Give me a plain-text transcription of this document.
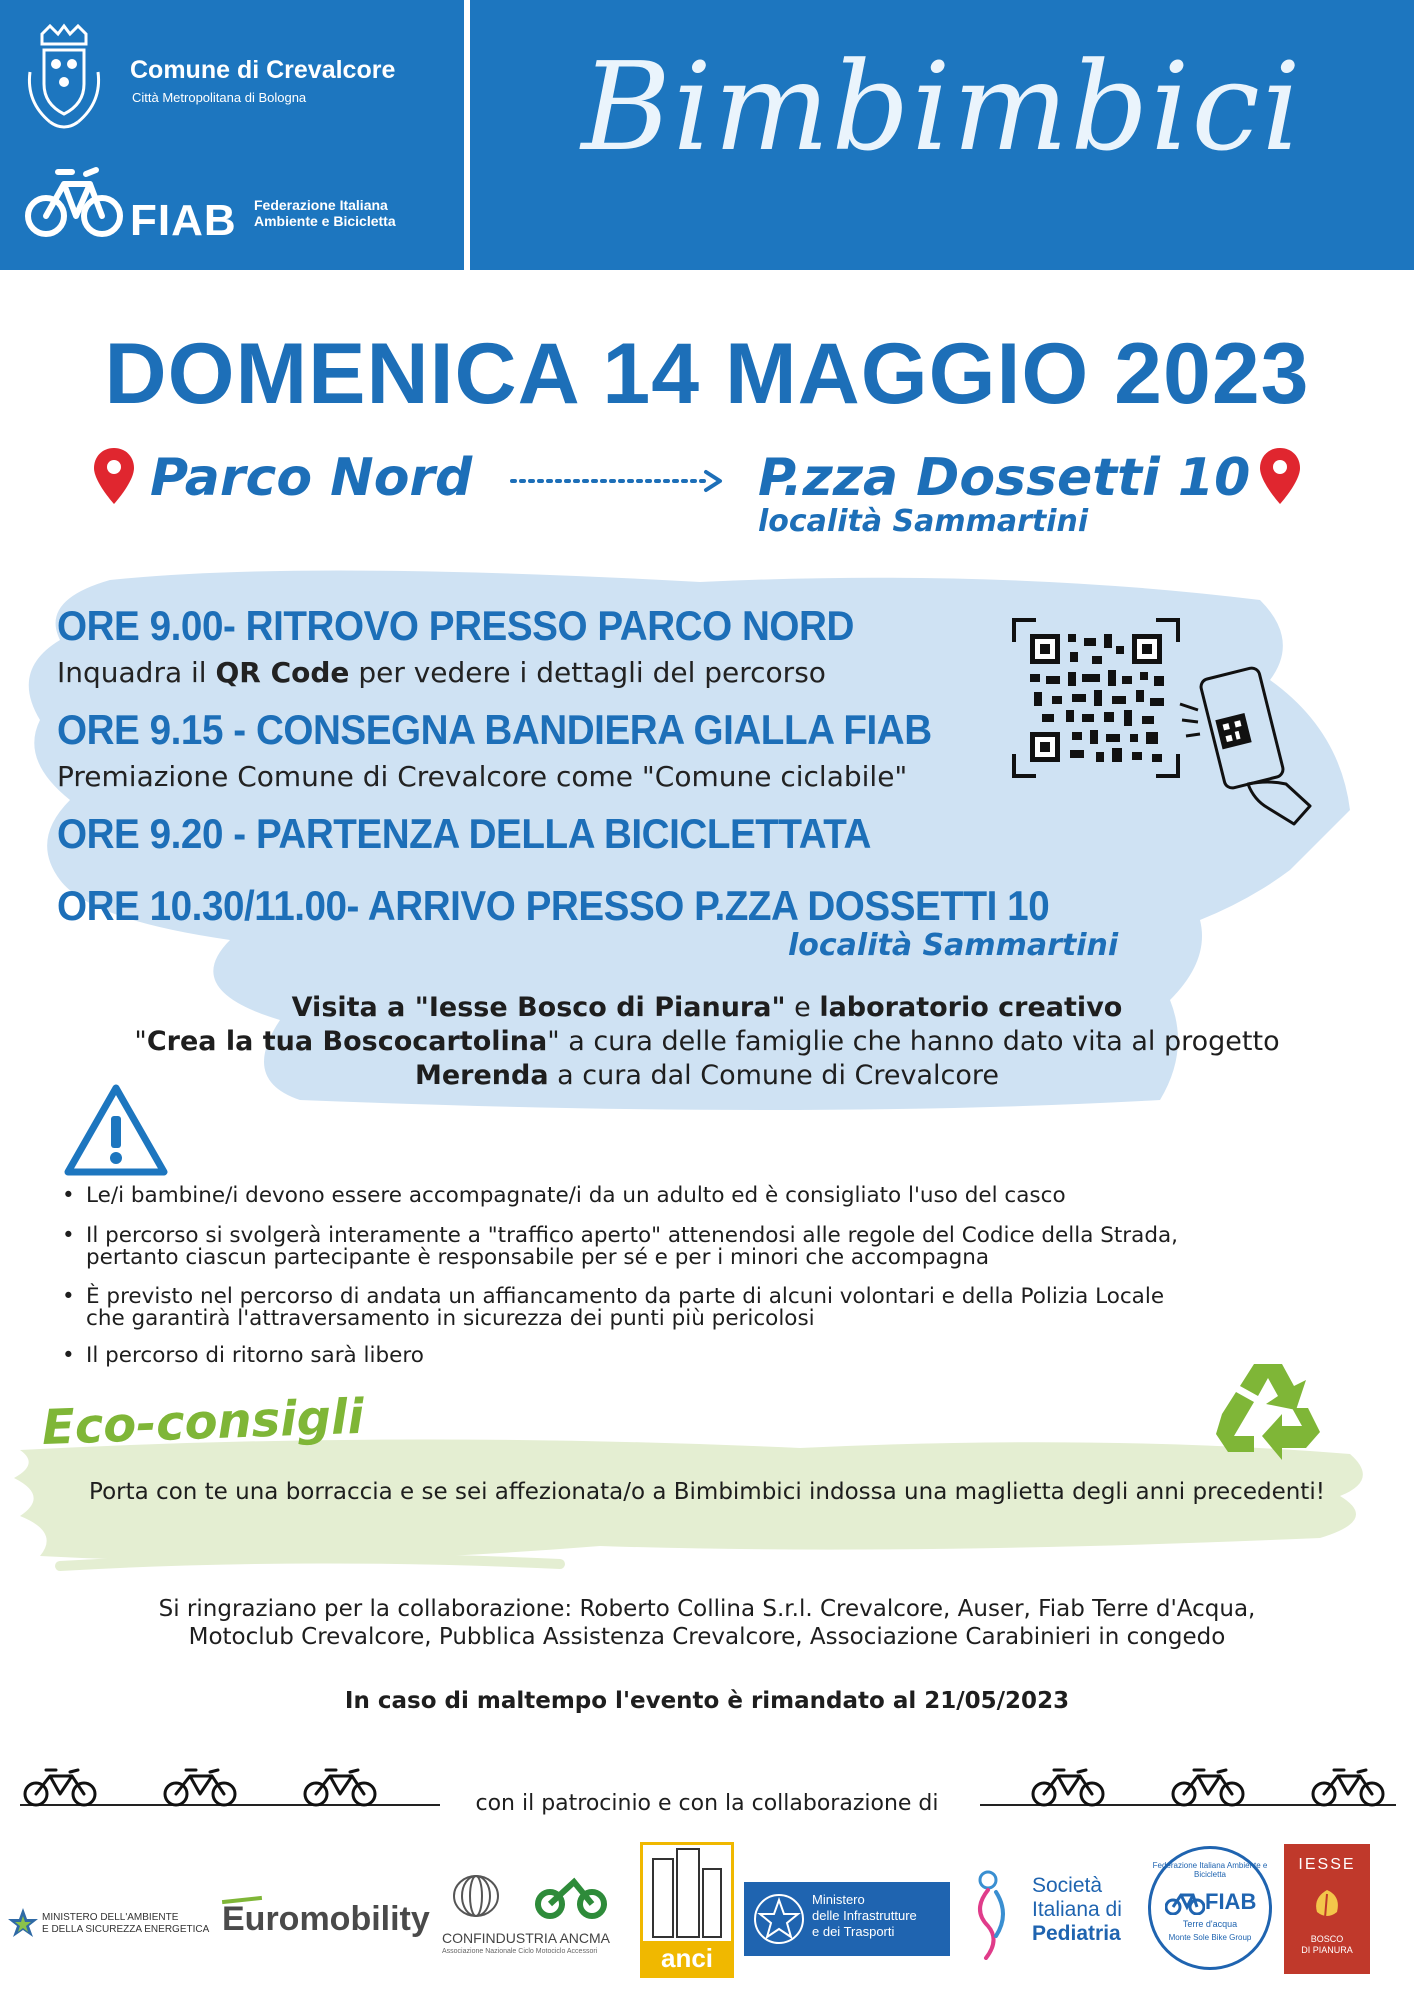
Comune di Crevalcore
Città Metropolitana di Bologna
FIAB Federazione Italiana
Ambiente e Bicicletta
Bimbimbici
DOMENICA 14 MAGGIO 2023
Parco Nord	P.zza Dossetti 10
località Sammartini
ORE 9.00- RITROVO PRESSO PARCO NORD
Inquadra il QR Code per vedere i dettagli del percorso
ORE 9.15 - CONSEGNA BANDIERA GIALLA FIAB
Premiazione Comune di Crevalcore come "Comune ciclabile"
ORE 9.20 - PARTENZA DELLA BICICLETTATA
ORE 10.30/11.00- ARRIVO PRESSO P.ZZA DOSSETTI 10
località Sammartini
Visita a "Iesse Bosco di Pianura" e laboratorio creativo
"Crea la tua Boscocartolina" a cura delle famiglie che hanno dato vita al progetto
Merenda a cura dal Comune di Crevalcore
• Le/i bambine/i devono essere accompagnate/i da un adulto ed è consigliato l'uso del casco
• Il percorso si svolgerà interamente a "traffico aperto" attenendosi alle regole del Codice della Strada,
pertanto ciascun partecipante è responsabile per sé e per i minori che accompagna
• È previsto nel percorso di andata un affiancamento da parte di alcuni volontari e della Polizia Locale
che garantirà l'attraversamento in sicurezza dei punti più pericolosi
• Il percorso di ritorno sarà libero
Eco-consigli
Porta con te una borraccia e se sei affezionata/o a Bimbimbici indossa una maglietta degli anni precedenti!
Si ringraziano per la collaborazione: Roberto Collina S.r.l. Crevalcore, Auser, Fiab Terre d'Acqua,
Motoclub Crevalcore, Pubblica Assistenza Crevalcore, Associazione Carabinieri in congedo
In caso di maltempo l'evento è rimandato al 21/05/2023
con il patrocinio e con la collaborazione di
MINISTERO DELL'AMBIENTE
E DELLA SICUREZZA ENERGETICA Euromobility CONFINDUSTRIA ANCMA
Associazione Nazionale Ciclo Motociclo Accessori	anci
Ministero
delle Infrastrutture
e dei Trasporti
Società
Italiana di
Pediatria
Federazione Italiana Ambiente e Bicicletta
FIAB
Terre d'acqua
Monte Sole Bike Group
IESSE
BOSCO
DI PIANURA
